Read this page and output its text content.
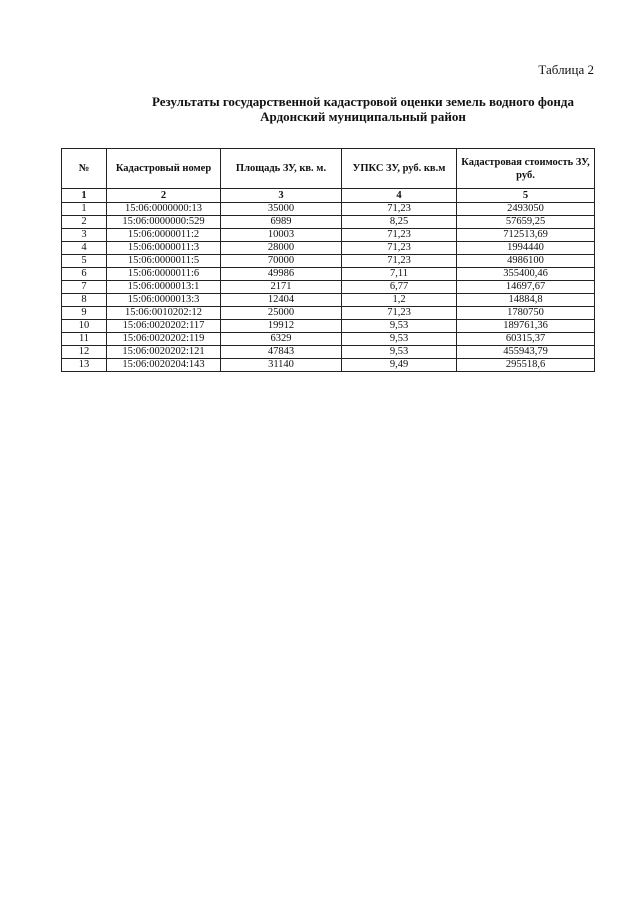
Таблица 2
Результаты государственной кадастровой оценки земель водного фонда
Ардонский муниципальный район
№	Кадастровый номер	Площадь ЗУ, кв. м.	УПКС ЗУ, руб. кв.м	Кадастровая стоимость ЗУ, руб.
1	2	3	4	5
1	15:06:0000000:13	35000	71,23	2493050
2	15:06:0000000:529	6989	8,25	57659,25
3	15:06:0000011:2	10003	71,23	712513,69
4	15:06:0000011:3	28000	71,23	1994440
5	15:06:0000011:5	70000	71,23	4986100
6	15:06:0000011:6	49986	7,11	355400,46
7	15:06:0000013:1	2171	6,77	14697,67
8	15:06:0000013:3	12404	1,2	14884,8
9	15:06:0010202:12	25000	71,23	1780750
10	15:06:0020202:117	19912	9,53	189761,36
11	15:06:0020202:119	6329	9,53	60315,37
12	15:06:0020202:121	47843	9,53	455943,79
13	15:06:0020204:143	31140	9,49	295518,6
